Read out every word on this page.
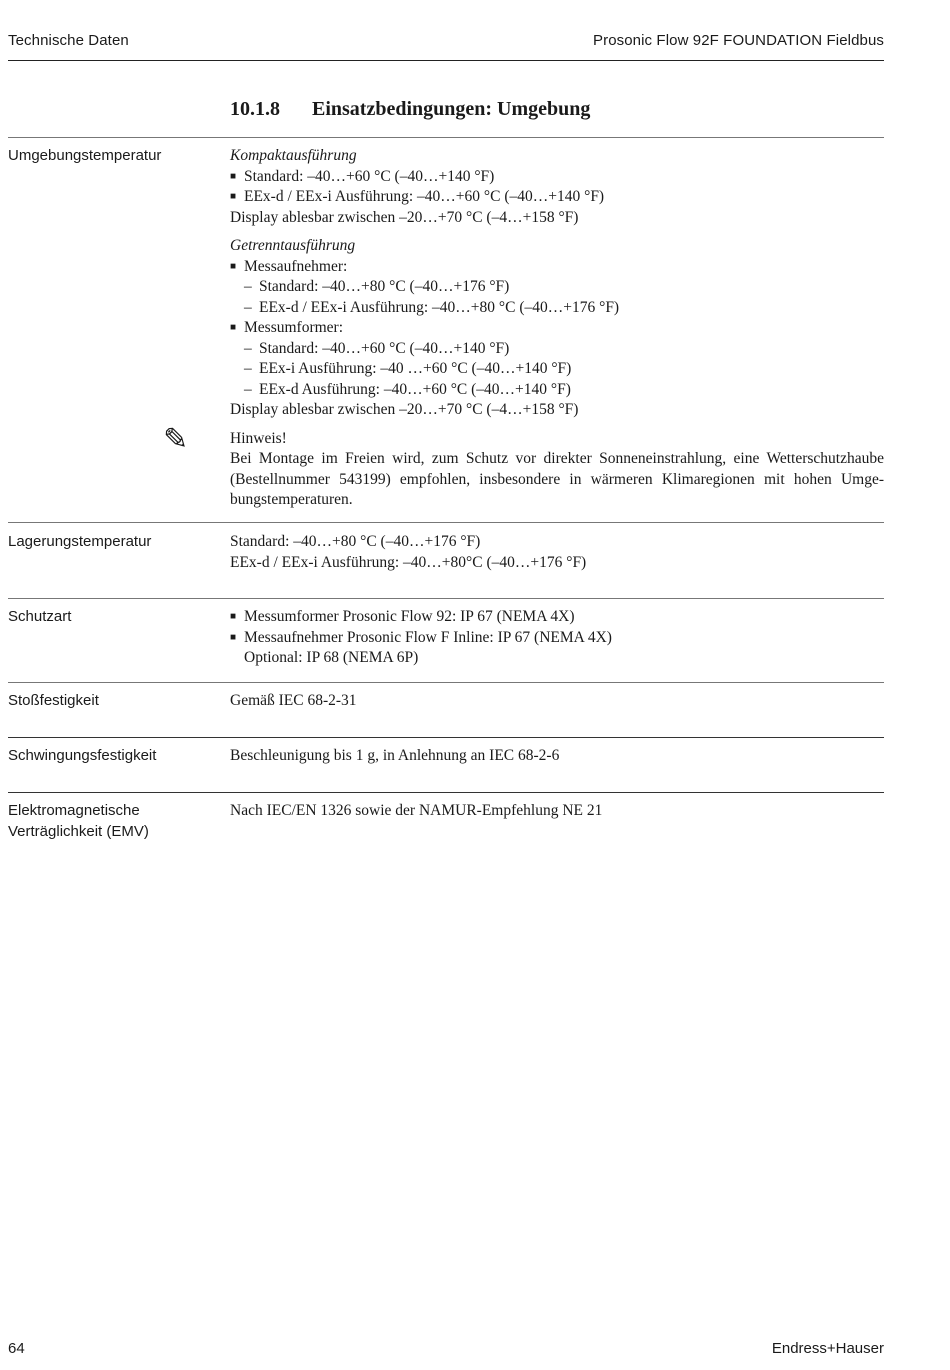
Technische Daten	Prosonic Flow 92F FOUNDATION Fieldbus
10.1.8 Einsatzbedingungen: Umgebung
Umgebungstemperatur	Kompaktausführung
■ Standard: –40…+60 °C (–40…+140 °F)
■ EEx-d / EEx-i Ausführung: –40…+60 °C (–40…+140 °F)
Display ablesbar zwischen –20…+70 °C (–4…+158 °F)
Getrenntausführung
■ Messaufnehmer:
– Standard: –40…+80 °C (–40…+176 °F)
– EEx-d / EEx-i Ausführung: –40…+80 °C (–40…+176 °F)
■ Messumformer:
– Standard: –40…+60 °C (–40…+140 °F)
– EEx-i Ausführung: –40 …+60 °C (–40…+140 °F)
– EEx-d Ausführung: –40…+60 °C (–40…+140 °F)
Display ablesbar zwischen –20…+70 °C (–4…+158 °F)
Hinweis!
Bei Montage im Freien wird, zum Schutz vor direkter Sonneneinstrahlung, eine Wetterschutzhaube (Bestellnummer 543199) empfohlen, insbesondere in wärmeren Klimaregionen mit hohen Umge-bungstemperaturen.
✎
Lagerungstemperatur	Standard: –40…+80 °C (–40…+176 °F)
EEx-d / EEx-i Ausführung: –40…+80°C (–40…+176 °F)
Schutzart
■	Messumformer Prosonic Flow 92: IP 67 (NEMA 4X)
■ Messaufnehmer Prosonic Flow F Inline: IP 67 (NEMA 4X)
Optional: IP 68 (NEMA 6P)
Stoßfestigkeit	Gemäß IEC 68-2-31
Schwingungsfestigkeit	Beschleunigung bis 1 g, in Anlehnung an IEC 68-2-6
Elektromagnetische
Verträglichkeit (EMV)
Nach IEC/EN 1326 sowie der NAMUR-Empfehlung NE 21
64	Endress+Hauser
